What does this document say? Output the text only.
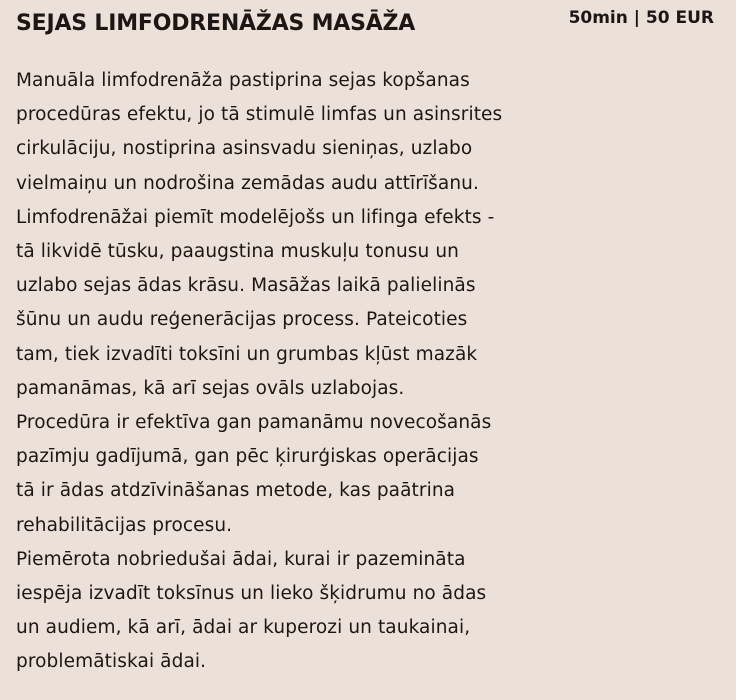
SEJAS LIMFODRENĀŽAS MASĀŽA	50min | 50 EUR

Manuāla limfodrenāža pastiprina sejas kopšanas
procedūras efektu, jo tā stimulē limfas un asinsrites
cirkulāciju, nostiprina asinsvadu sieniņas, uzlabo
vielmaiņu un nodrošina zemādas audu attīrīšanu.
Limfodrenāžai piemīt modelējošs un lifinga efekts -
tā likvidē tūsku, paaugstina muskuļu tonusu un
uzlabo sejas ādas krāsu. Masāžas laikā palielinās
šūnu un audu reģenerācijas process. Pateicoties
tam, tiek izvadīti toksīni un grumbas kļūst mazāk
pamanāmas, kā arī sejas ovāls uzlabojas.
Procedūra ir efektīva gan pamanāmu novecošanās
pazīmju gadījumā, gan pēc ķirurģiskas operācijas
tā ir ādas atdzīvināšanas metode, kas paātrina
rehabilitācijas procesu.
Piemērota nobriedušai ādai, kurai ir pazemināta
iespēja izvadīt toksīnus un lieko šķidrumu no ādas
un audiem, kā arī, ādai ar kuperozi un taukainai,
problemātiskai ādai.
